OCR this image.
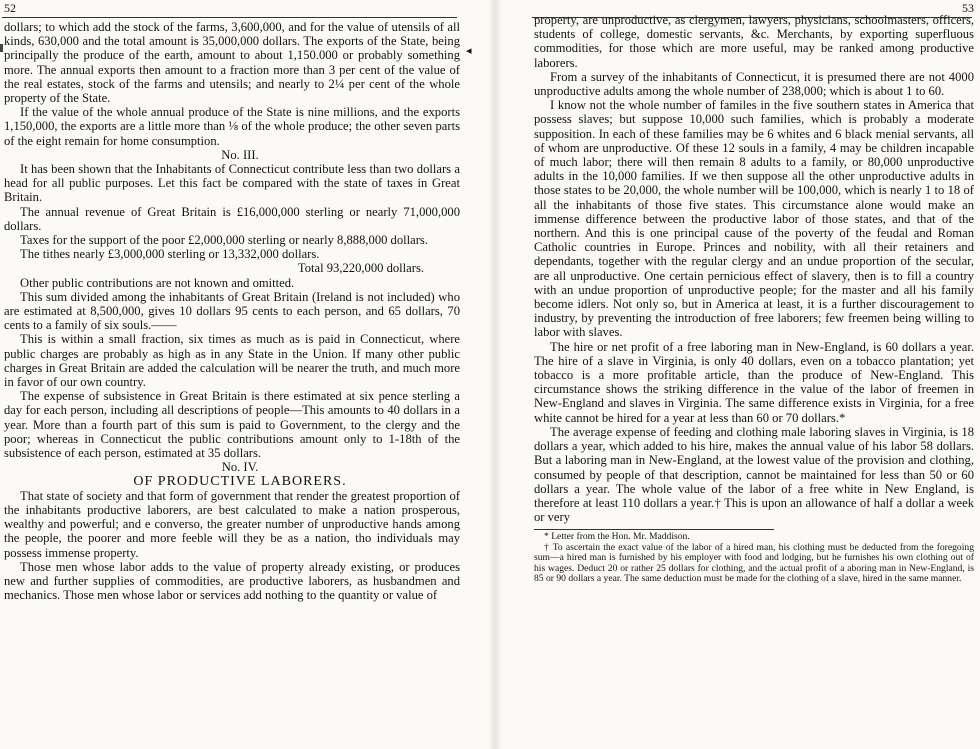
52
◂

dollars; to which add the stock of the farms, 3,600,000, and for the value of utensils of all kinds, 630,000 and the total amount is 35,000,000 dollars. The exports of the State, being principally the produce of the earth, amount to about 1,150.000 or probably something more. The annual exports then amount to a fraction more than 3 per cent of the value of the real estates, stock of the farms and utensils; and nearly to 2¼ per cent of the whole property of the State.

If the value of the whole annual produce of the State is nine millions, and the exports 1,150,000, the exports are a little more than ⅛ of the whole produce; the other seven parts of the eight remain for home consumption.

No. III.

It has been shown that the Inhabitants of Connecticut contribute less than two dollars a head for all public purposes. Let this fact be compared with the state of taxes in Great Britain.

The annual revenue of Great Britain is £16,000,000 sterling or nearly 71,000,000 dollars.

Taxes for the support of the poor £2,000,000 sterling or nearly 8,888,000 dollars.

The tithes nearly £3,000,000 sterling or 13,332,000 dollars.

Total 93,220,000 dollars.

Other public contributions are not known and omitted.

This sum divided among the inhabitants of Great Britain (Ireland is not included) who are estimated at 8,500,000, gives 10 dollars 95 cents to each person, and 65 dollars, 70 cents to a family of six souls.——

This is within a small fraction, six times as much as is paid in Connecticut, where public charges are probably as high as in any State in the Union. If many other public charges in Great Britain are added the calculation will be nearer the truth, and much more in favor of our own country.

The expense of subsistence in Great Britain is there estimated at six pence sterling a day for each person, including all descriptions of people—This amounts to 40 dollars in a year. More than a fourth part of this sum is paid to Government, to the clergy and the poor; whereas in Connecticut the public contributions amount only to 1-18th of the subsistence of each person, estimated at 35 dollars.

No. IV.

OF PRODUCTIVE LABORERS.

That state of society and that form of government that render the greatest proportion of the inhabitants productive laborers, are best calculated to make a nation prosperous, wealthy and powerful; and e converso, the greater number of unproductive hands among the people, the poorer and more feeble will they be as a nation, tho individuals may possess immense property.

Those men whose labor adds to the value of property already existing, or produces new and further supplies of commodities, are productive laborers, as husbandmen and mechanics. Those men whose labor or services add nothing to the quantity or value of

53

property, are unproductive, as clergymen, lawyers, physicians, schoolmasters, officers, students of college, domestic servants, &c. Merchants, by exporting superfluous commodities, for those which are more useful, may be ranked among productive laborers.

From a survey of the inhabitants of Connecticut, it is presumed there are not 4000 unproductive adults among the whole number of 238,000; which is about 1 to 60.

I know not the whole number of familes in the five southern states in America that possess slaves; but suppose 10,000 such families, which is probably a moderate supposition. In each of these families may be 6 whites and 6 black menial servants, all of whom are unproductive. Of these 12 souls in a family, 4 may be children incapable of much labor; there will then remain 8 adults to a family, or 80,000 unproductive adults in the 10,000 families. If we then suppose all the other unproductive adults in those states to be 20,000, the whole number will be 100,000, which is nearly 1 to 18 of all the inhabitants of those five states. This circumstance alone would make an immense difference between the productive labor of those states, and that of the northern. And this is one principal cause of the poverty of the feudal and Roman Catholic countries in Europe. Princes and nobility, with all their retainers and dependants, together with the regular clergy and an undue proportion of the secular, are all unproductive. One certain pernicious effect of slavery, then is to fill a country with an undue proportion of unproductive people; for the master and all his family become idlers. Not only so, but in America at least, it is a further discouragement to industry, by preventing the introduction of free laborers; few freemen being willing to labor with slaves.

The hire or net profit of a free laboring man in New-England, is 60 dollars a year. The hire of a slave in Virginia, is only 40 dollars, even on a tobacco plantation; yet tobacco is a more profitable article, than the produce of New-England. This circumstance shows the striking difference in the value of the labor of freemen in New-England and slaves in Virginia. The same difference exists in Virginia, for a free white cannot be hired for a year at less than 60 or 70 dollars.*

The average expense of feeding and clothing male laboring slaves in Virginia, is 18 dollars a year, which added to his hire, makes the annual value of his labor 58 dollars. But a laboring man in New-England, at the lowest value of the provision and clothing, consumed by people of that description, cannot be maintained for less than 50 or 60 dollars a year. The whole value of the labor of a free white in New England, is therefore at least 110 dollars a year.† This is upon an allowance of half a dollar a week or very

* Letter from the Hon. Mr. Maddison.

† To ascertain the exact value of the labor of a hired man, his clothing must be deducted from the foregoing sum—a hired man is furnished by his employer with food and lodging, but he furnishes his own clothing out of his wages. Deduct 20 or rather 25 dollars for clothing, and the actual profit of a aboring man in New-England, is 85 or 90 dollars a year. The same deduction must be made for the clothing of a slave, hired in the same manner.
